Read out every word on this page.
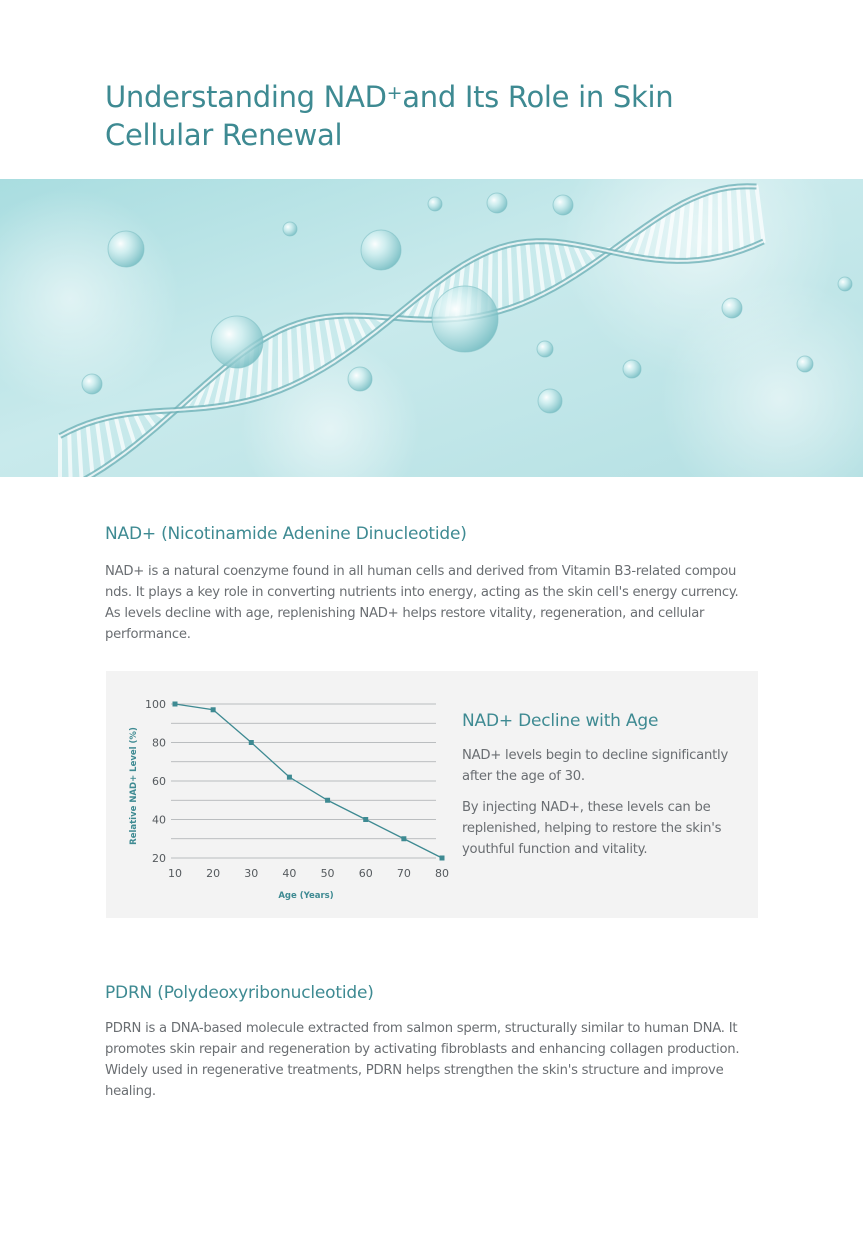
Understanding NAD+and Its Role in Skin Cellular Renewal
NAD+ (Nicotinamide Adenine Dinucleotide)

NAD+ is a natural coenzyme found in all human cells and derived from Vitamin B3-related compou nds. It plays a key role in converting nutrients into energy, acting as the skin cell's energy currency. As levels decline with age, replenishing NAD+ helps restore vitality, regeneration, and cellular performance.

20
40
60
80
100
10 20 30 40 50 60 70 80
Relative NAD+ Level (%)
Age (Years)
NAD+ Decline with Age

NAD+ levels begin to decline significantly after the age of 30.

By injecting NAD+, these levels can be replenished, helping to restore the skin's youthful function and vitality.

PDRN (Polydeoxyribonucleotide)

PDRN is a DNA-based molecule extracted from salmon sperm, structurally similar to human DNA. It promotes skin repair and regeneration by activating fibroblasts and enhancing collagen production. Widely used in regenerative treatments, PDRN helps strengthen the skin's structure and improve healing.
